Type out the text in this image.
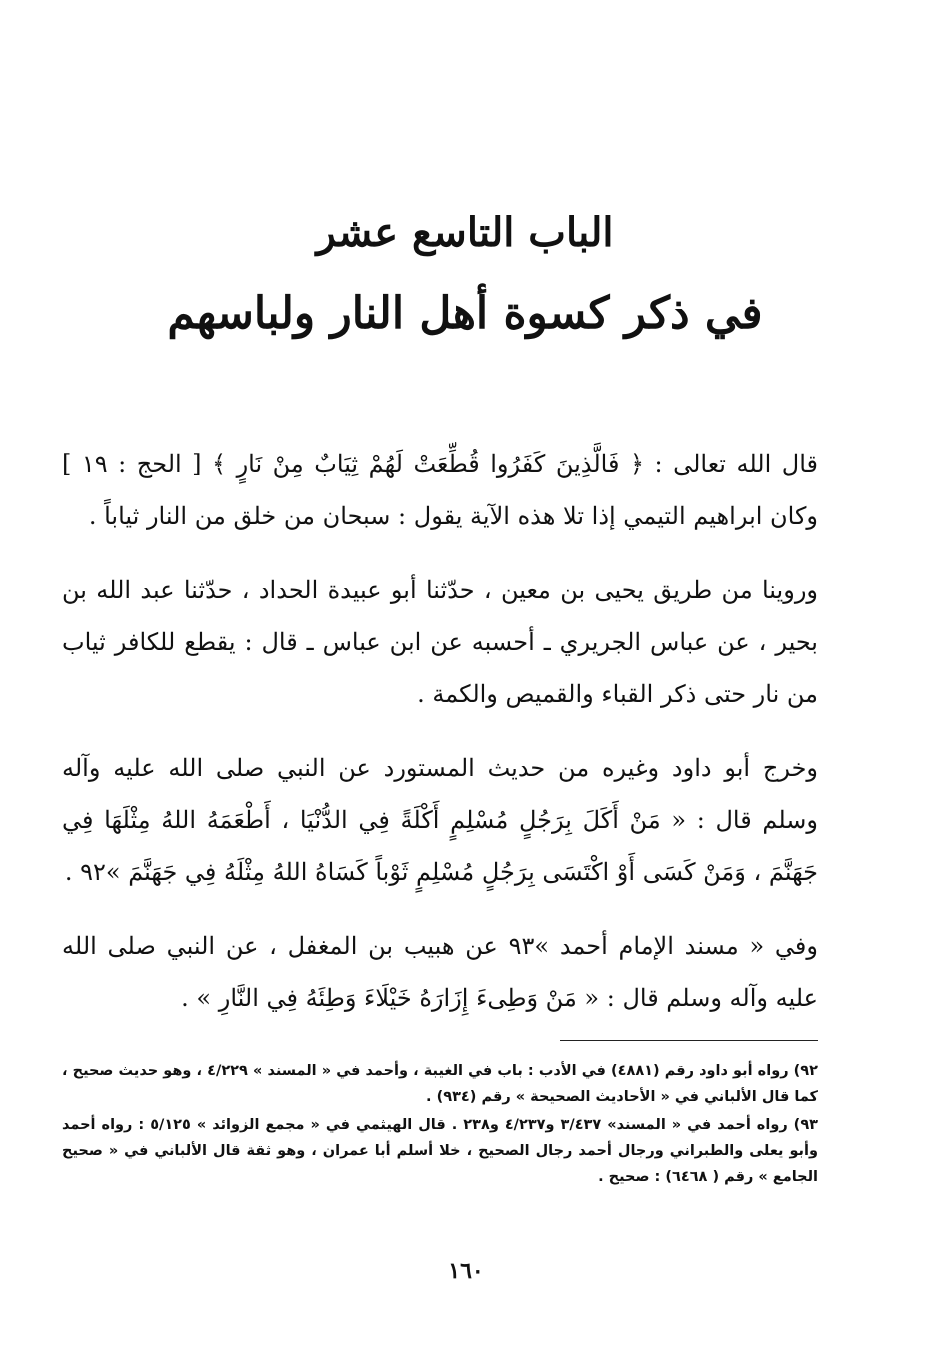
الباب التاسع عشر

في ذكر كسوة أهل النار ولباسهم

قال الله تعالى : ﴿ فَالَّذِينَ كَفَرُوا قُطِّعَتْ لَهُمْ ثِيَابٌ مِنْ نَارٍ ﴾ [ الحج : ١٩ ] وكان ابراهيم التيمي إذا تلا هذه الآية يقول : سبحان من خلق من النار ثياباً .

وروينا من طريق يحيى بن معين ، حدّثنا أبو عبيدة الحداد ، حدّثنا عبد الله بن بحير ، عن عباس الجريري ـ أحسبه عن ابن عباس ـ قال : يقطع للكافر ثياب من نار حتى ذكر القباء والقميص والكمة .

وخرج أبو داود وغيره من حديث المستورد عن النبي صلى الله عليه وآله وسلم قال : « مَنْ أَكَلَ بِرَجُلٍ مُسْلِمٍ أَكْلَةً فِي الدُّنْيَا ، أَطْعَمَهُ اللهُ مِثْلَهَا فِي جَهَنَّمَ ، وَمَنْ كَسَى أَوْ اكْتَسَى بِرَجُلٍ مُسْلِمٍ ثَوْباً كَسَاهُ اللهُ مِثْلَهُ فِي جَهَنَّمَ »٩٢ .

وفي « مسند الإمام أحمد »٩٣ عن هبيب بن المغفل ، عن النبي صلى الله عليه وآله وسلم قال : « مَنْ وَطِىءَ إِزَارَهُ خَيْلَاءَ وَطِئَهُ فِي النَّارِ » .

٩٢) رواه أبو داود رقم (٤٨٨١) في الأدب : باب في الغيبة ، وأحمد في « المسند » ٤/٢٢٩ ، وهو حديث صحيح ، كما قال الألباني في « الأحاديث الصحيحة » رقم (٩٣٤) .

٩٣) رواه أحمد في « المسند» ٣/٤٣٧ و٤/٢٣٧ و٢٣٨ . قال الهيثمي في « مجمع الزوائد » ٥/١٢٥ : رواه أحمد وأبو يعلى والطبراني ورجال أحمد رجال الصحيح ، خلا أسلم أبا عمران ، وهو ثقة قال الألباني في « صحيح الجامع » رقم ( ٦٤٦٨) : صحيح .

١٦٠
